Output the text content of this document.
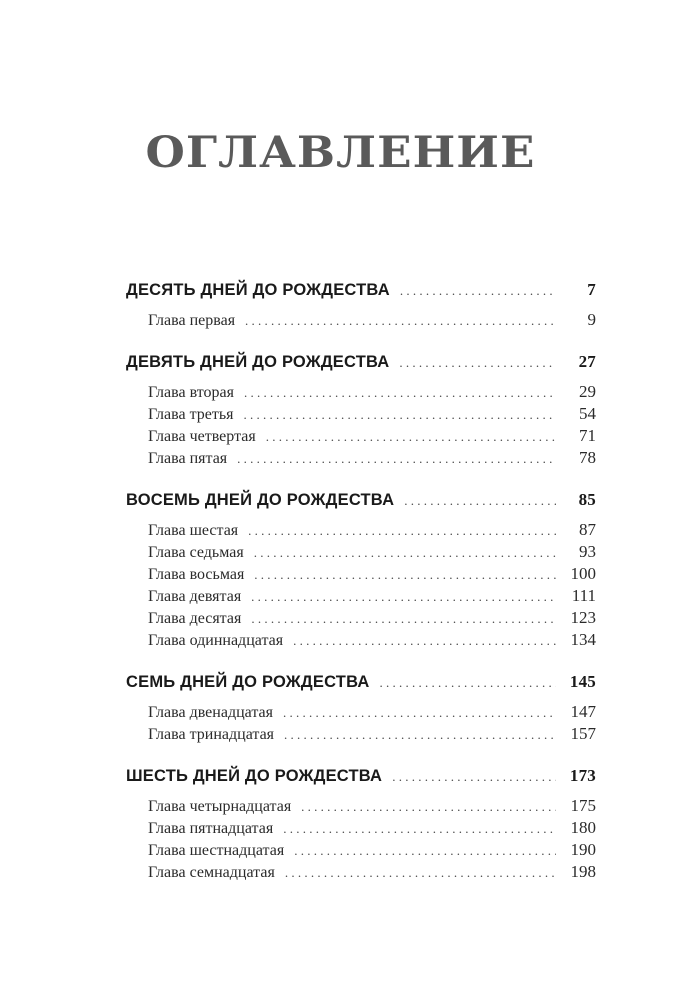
ОГЛАВЛЕНИЕ
ДЕСЯТЬ ДНЕЙ ДО РОЖДЕСТВА . . .	7
Глава первая . . .	9
ДЕВЯТЬ ДНЕЙ ДО РОЖДЕСТВА . . .	27
Глава вторая . . .	29
Глава третья . . .	54
Глава четвертая . . .	71
Глава пятая . . .	78
ВОСЕМЬ ДНЕЙ ДО РОЖДЕСТВА . . .	85
Глава шестая . . .	87
Глава седьмая . . .	93
Глава восьмая . . .	100
Глава девятая . . .	111
Глава десятая . . .	123
Глава одиннадцатая . . .	134
СЕМЬ ДНЕЙ ДО РОЖДЕСТВА . . .	145
Глава двенадцатая . . .	147
Глава тринадцатая . . .	157
ШЕСТЬ ДНЕЙ ДО РОЖДЕСТВА . . .	173
Глава четырнадцатая . . .	175
Глава пятнадцатая . . .	180
Глава шестнадцатая . . .	190
Глава семнадцатая . . .	198
